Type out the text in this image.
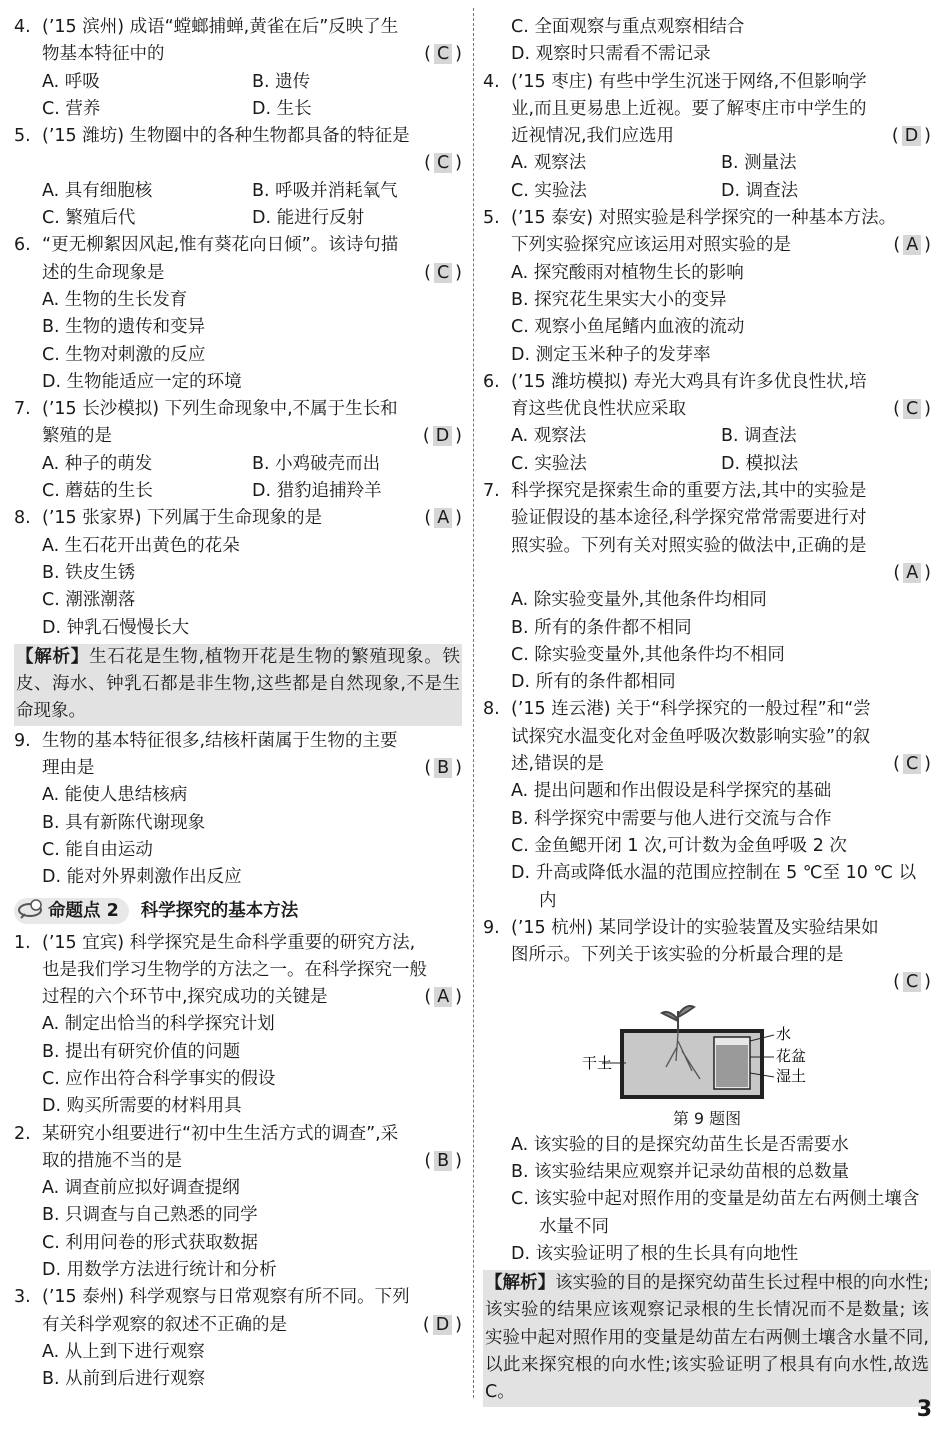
4. (’15 滨州) 成语“螳螂捕蝉,黄雀在后”反映了生
物基本特征中的	( C )
A. 呼吸	B. 遗传
C. 营养	D. 生长
5. (’15 潍坊) 生物圈中的各种生物都具备的特征是
( C )
A. 具有细胞核	B. 呼吸并消耗氧气
C. 繁殖后代	D. 能进行反射
6. “更无柳絮因风起,惟有葵花向日倾”。该诗句描
述的生命现象是	( C )
A. 生物的生长发育
B. 生物的遗传和变异
C. 生物对刺激的反应
D. 生物能适应一定的环境
7. (’15 长沙模拟) 下列生命现象中,不属于生长和
繁殖的是	( D )
A. 种子的萌发	B. 小鸡破壳而出
C. 蘑菇的生长	D. 猎豹追捕羚羊
8. (’15 张家界) 下列属于生命现象的是	( A )
A. 生石花开出黄色的花朵
B. 铁皮生锈
C. 潮涨潮落
D. 钟乳石慢慢长大
【解析】生石花是生物,植物开花是生物的繁殖现象。铁皮、海水、钟乳石都是非生物,这些都是自然现象,不是生命现象。
9. 生物的基本特征很多,结核杆菌属于生物的主要
理由是	( B )
A. 能使人患结核病
B. 具有新陈代谢现象
C. 能自由运动
D. 能对外界刺激作出反应
命题点 2 科学探究的基本方法
1. (’15 宜宾) 科学探究是生命科学重要的研究方法,
也是我们学习生物学的方法之一。在科学探究一般
过程的六个环节中,探究成功的关键是	( A )
A. 制定出恰当的科学探究计划
B. 提出有研究价值的问题
C. 应作出符合科学事实的假设
D. 购买所需要的材料用具
2. 某研究小组要进行“初中生生活方式的调查”,采
取的措施不当的是	( B )
A. 调查前应拟好调查提纲
B. 只调查与自己熟悉的同学
C. 利用问卷的形式获取数据
D. 用数学方法进行统计和分析
3. (’15 泰州) 科学观察与日常观察有所不同。下列
有关科学观察的叙述不正确的是	( D )
A. 从上到下进行观察
B. 从前到后进行观察
C. 全面观察与重点观察相结合
D. 观察时只需看不需记录
4. (’15 枣庄) 有些中学生沉迷于网络,不但影响学
业,而且更易患上近视。要了解枣庄市中学生的
近视情况,我们应选用	( D )
A. 观察法	B. 测量法
C. 实验法	D. 调查法
5. (’15 泰安) 对照实验是科学探究的一种基本方法。
下列实验探究应该运用对照实验的是	( A )
A. 探究酸雨对植物生长的影响
B. 探究花生果实大小的变异
C. 观察小鱼尾鳍内血液的流动
D. 测定玉米种子的发芽率
6. (’15 潍坊模拟) 寿光大鸡具有许多优良性状,培
育这些优良性状应采取	( C )
A. 观察法	B. 调查法
C. 实验法	D. 模拟法
7. 科学探究是探索生命的重要方法,其中的实验是
验证假设的基本途径,科学探究常常需要进行对
照实验。下列有关对照实验的做法中,正确的是
( A )
A. 除实验变量外,其他条件均相同
B. 所有的条件都不相同
C. 除实验变量外,其他条件均不相同
D. 所有的条件都相同
8. (’15 连云港) 关于“科学探究的一般过程”和“尝
试探究水温变化对金鱼呼吸次数影响实验”的叙
述,错误的是	( C )
A. 提出问题和作出假设是科学探究的基础
B. 科学探究中需要与他人进行交流与合作
C. 金鱼鳃开闭 1 次,可计数为金鱼呼吸 2 次
D. 升高或降低水温的范围应控制在 5 ℃至 10 ℃ 以内
9. (’15 杭州) 某同学设计的实验装置及实验结果如
图所示。下列关于该实验的分析最合理的是
( C )
水
花盆
湿土
干土
第 9 题图
A. 该实验的目的是探究幼苗生长是否需要水
B. 该实验结果应观察并记录幼苗根的总数量
C. 该实验中起对照作用的变量是幼苗左右两侧土壤含水量不同
D. 该实验证明了根的生长具有向地性
【解析】该实验的目的是探究幼苗生长过程中根的向水性;该实验的结果应该观察记录根的生长情况而不是数量; 该实验中起对照作用的变量是幼苗左右两侧土壤含水量不同,以此来探究根的向水性;该实验证明了根具有向水性,故选 C。
3
